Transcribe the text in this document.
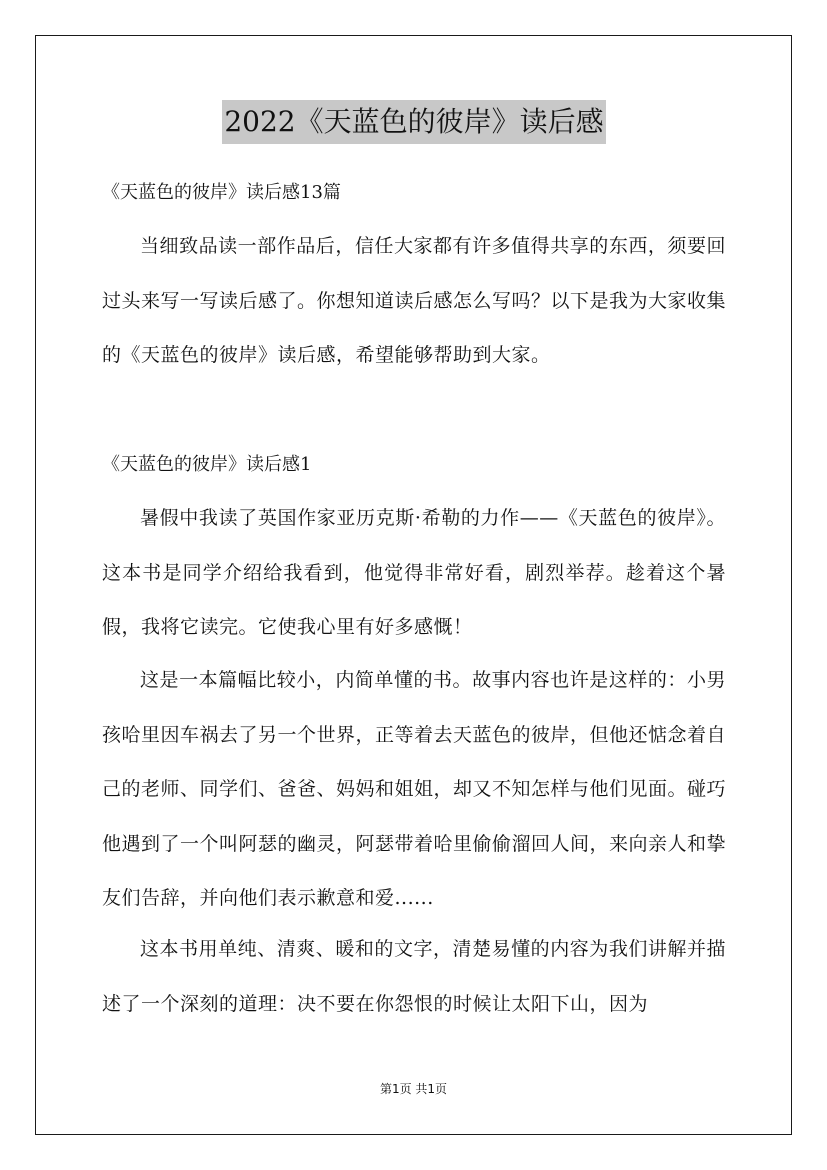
2022《天蓝色的彼岸》读后感
《天蓝色的彼岸》读后感13篇

当细致品读一部作品后，信任大家都有许多值得共享的东西，须要回过头来写一写读后感了。你想知道读后感怎么写吗？以下是我为大家收集的《天蓝色的彼岸》读后感，希望能够帮助到大家。

《天蓝色的彼岸》读后感1

暑假中我读了英国作家亚历克斯·希勒的力作——《天蓝色的彼岸》。这本书是同学介绍给我看到，他觉得非常好看，剧烈举荐。趁着这个暑假，我将它读完。它使我心里有好多感慨！

这是一本篇幅比较小，内简单懂的书。故事内容也许是这样的：小男孩哈里因车祸去了另一个世界，正等着去天蓝色的彼岸，但他还惦念着自己的老师、同学们、爸爸、妈妈和姐姐，却又不知怎样与他们见面。碰巧他遇到了一个叫阿瑟的幽灵，阿瑟带着哈里偷偷溜回人间，来向亲人和挚友们告辞，并向他们表示歉意和爱......

这本书用单纯、清爽、暖和的文字，清楚易懂的内容为我们讲解并描述了一个深刻的道理：决不要在你怨恨的时候让太阳下山，因为

第1页 共1页
